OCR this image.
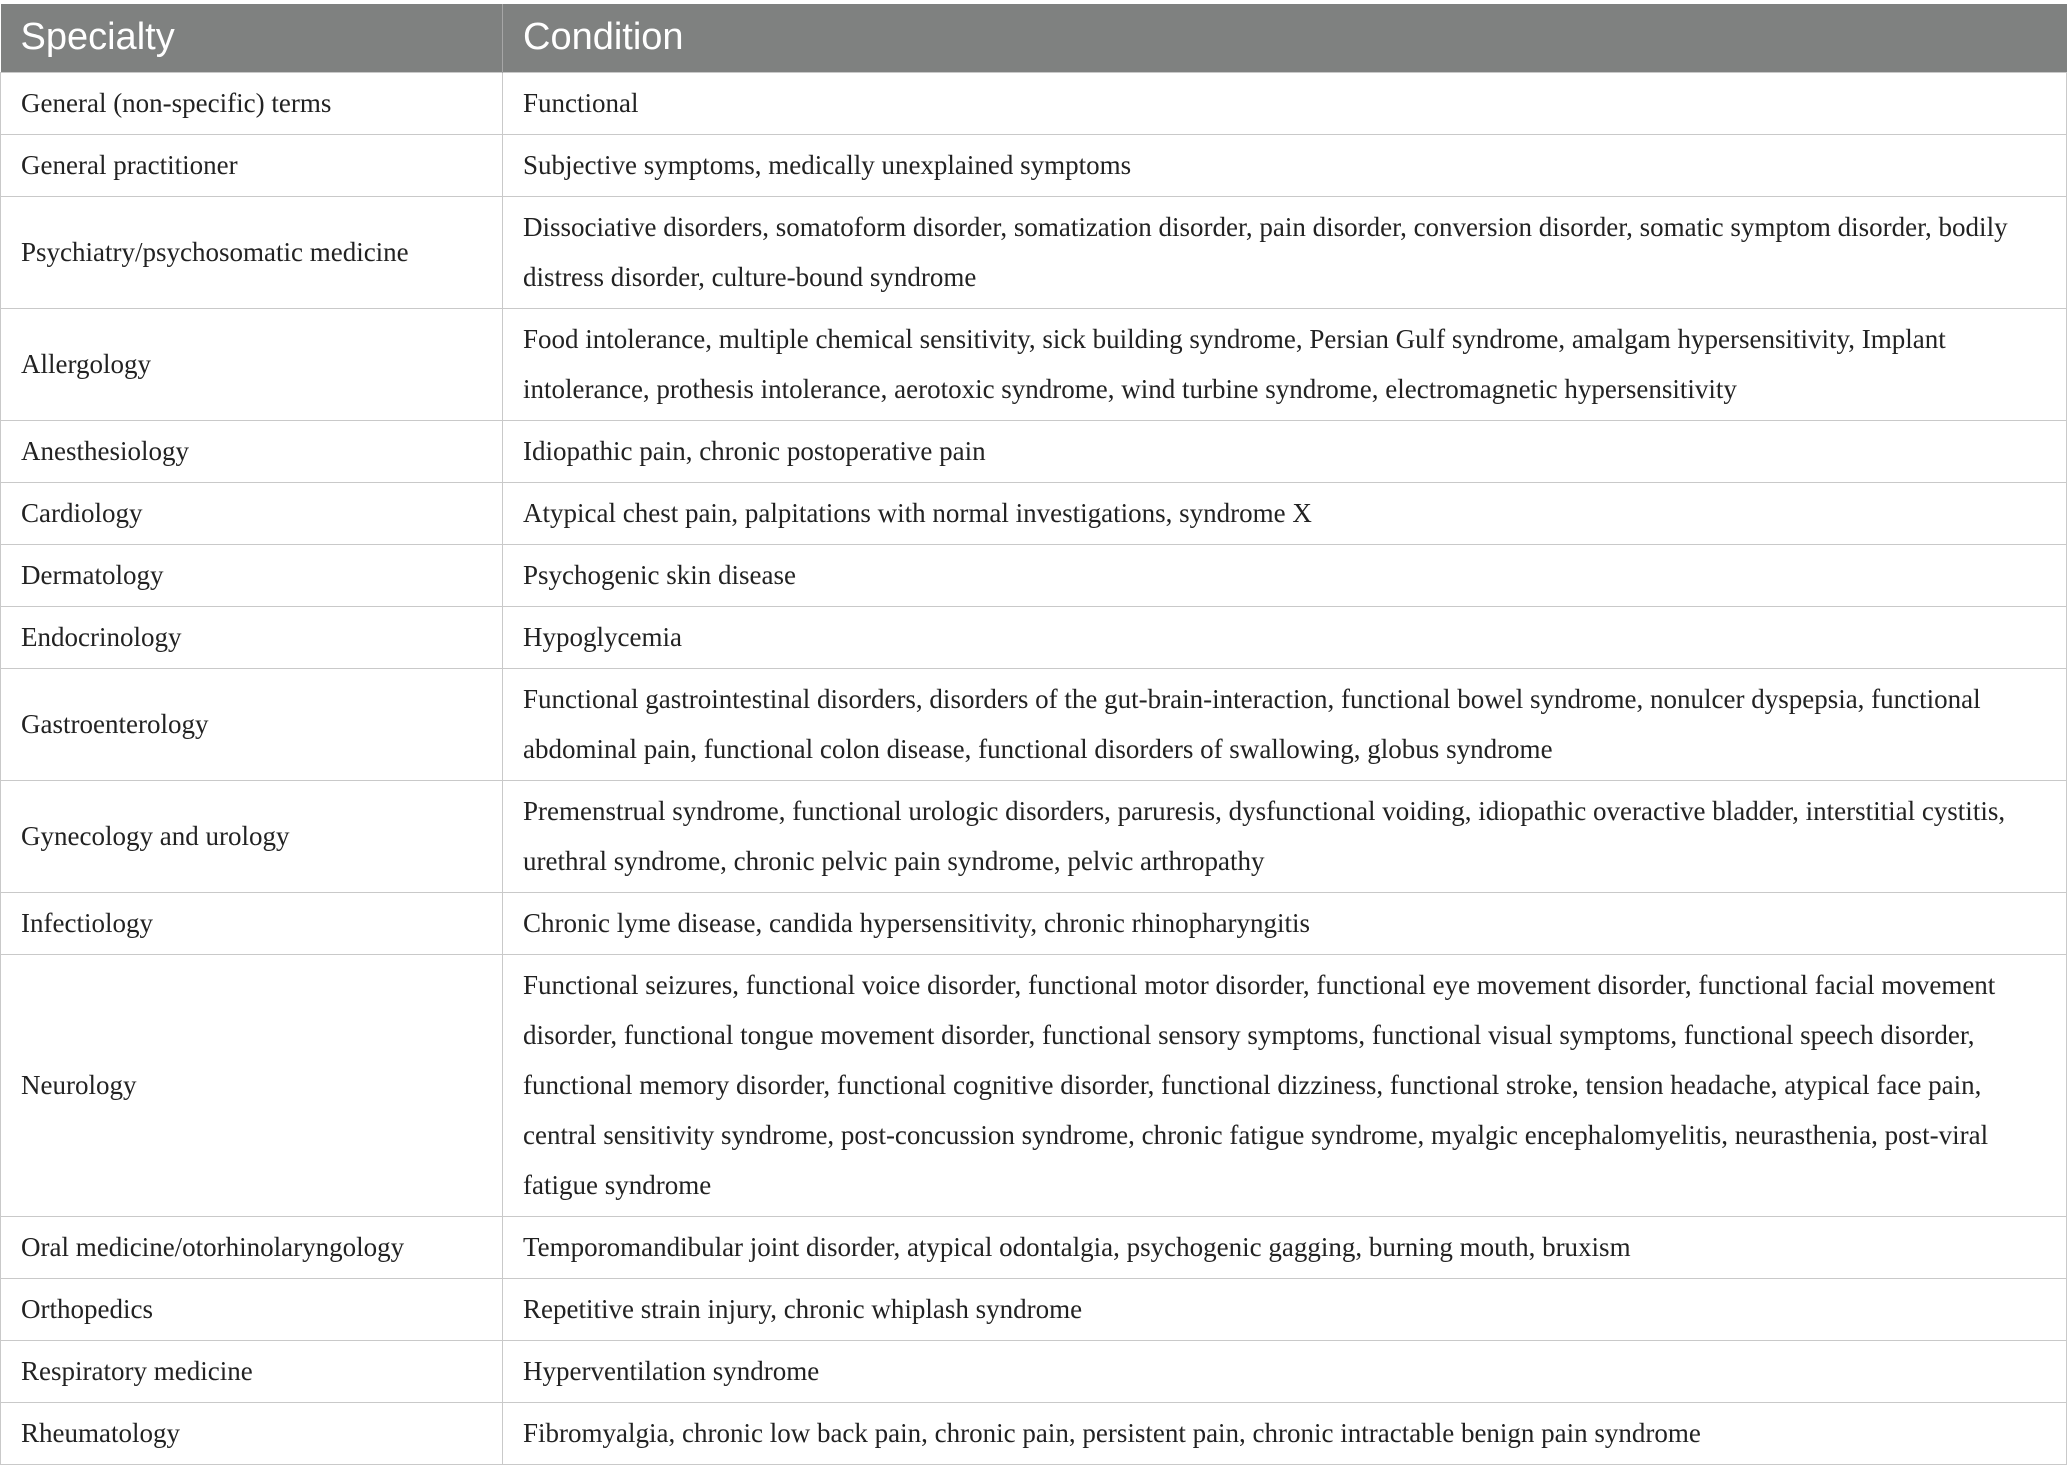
Specialty	Condition
General (non-specific) terms	Functional
General practitioner	Subjective symptoms, medically unexplained symptoms
Psychiatry/psychosomatic medicine	Dissociative disorders, somatoform disorder, somatization disorder, pain disorder, conversion disorder, somatic symptom disorder, bodily distress disorder, culture-bound syndrome
Allergology	Food intolerance, multiple chemical sensitivity, sick building syndrome, Persian Gulf syndrome, amalgam hypersensitivity, Implant intolerance, prothesis intolerance, aerotoxic syndrome, wind turbine syndrome, electromagnetic hypersensitivity
Anesthesiology	Idiopathic pain, chronic postoperative pain
Cardiology	Atypical chest pain, palpitations with normal investigations, syndrome X
Dermatology	Psychogenic skin disease
Endocrinology	Hypoglycemia
Gastroenterology	Functional gastrointestinal disorders, disorders of the gut-brain-interaction, functional bowel syndrome, nonulcer dyspepsia, functional abdominal pain, functional colon disease, functional disorders of swallowing, globus syndrome
Gynecology and urology	Premenstrual syndrome, functional urologic disorders, paruresis, dysfunctional voiding, idiopathic overactive bladder, interstitial cystitis, urethral syndrome, chronic pelvic pain syndrome, pelvic arthropathy
Infectiology	Chronic lyme disease, candida hypersensitivity, chronic rhinopharyngitis
Neurology	Functional seizures, functional voice disorder, functional motor disorder, functional eye movement disorder, functional facial movement disorder, functional tongue movement disorder, functional sensory symptoms, functional visual symptoms, functional speech disorder, functional memory disorder, functional cognitive disorder, functional dizziness, functional stroke, tension headache, atypical face pain, central sensitivity syndrome, post-concussion syndrome, chronic fatigue syndrome, myalgic encephalomyelitis, neurasthenia, post-viral fatigue syndrome
Oral medicine/otorhinolaryngology	Temporomandibular joint disorder, atypical odontalgia, psychogenic gagging, burning mouth, bruxism
Orthopedics	Repetitive strain injury, chronic whiplash syndrome
Respiratory medicine	Hyperventilation syndrome
Rheumatology	Fibromyalgia, chronic low back pain, chronic pain, persistent pain, chronic intractable benign pain syndrome
